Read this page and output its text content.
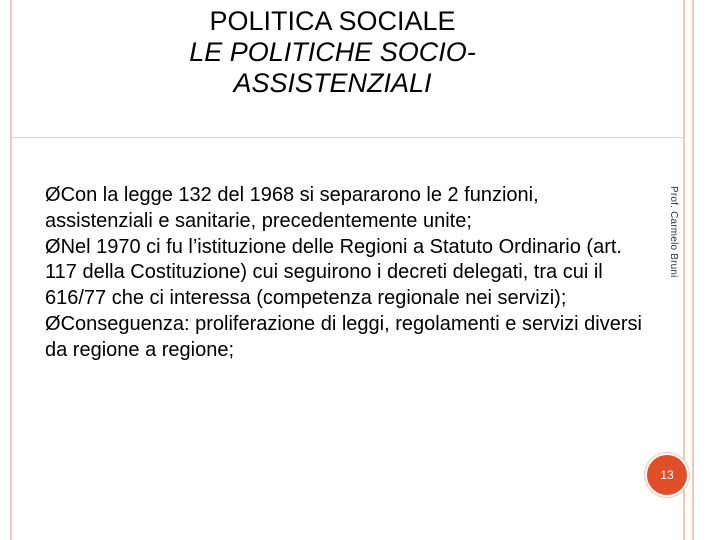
POLITICA SOCIALE
LE POLITICHE SOCIO-ASSISTENZIALI
ØCon la legge 132 del 1968 si separarono le 2 funzioni, assistenziali e sanitarie, precedentemente unite;
ØNel 1970 ci fu l’istituzione delle Regioni a Statuto Ordinario (art. 117 della Costituzione) cui seguirono i decreti delegati, tra cui il 616/77 che ci interessa (competenza regionale nei servizi);
ØConseguenza: proliferazione di leggi, regolamenti e servizi diversi da regione a regione;
Prof. Carmelo Bruni
13
